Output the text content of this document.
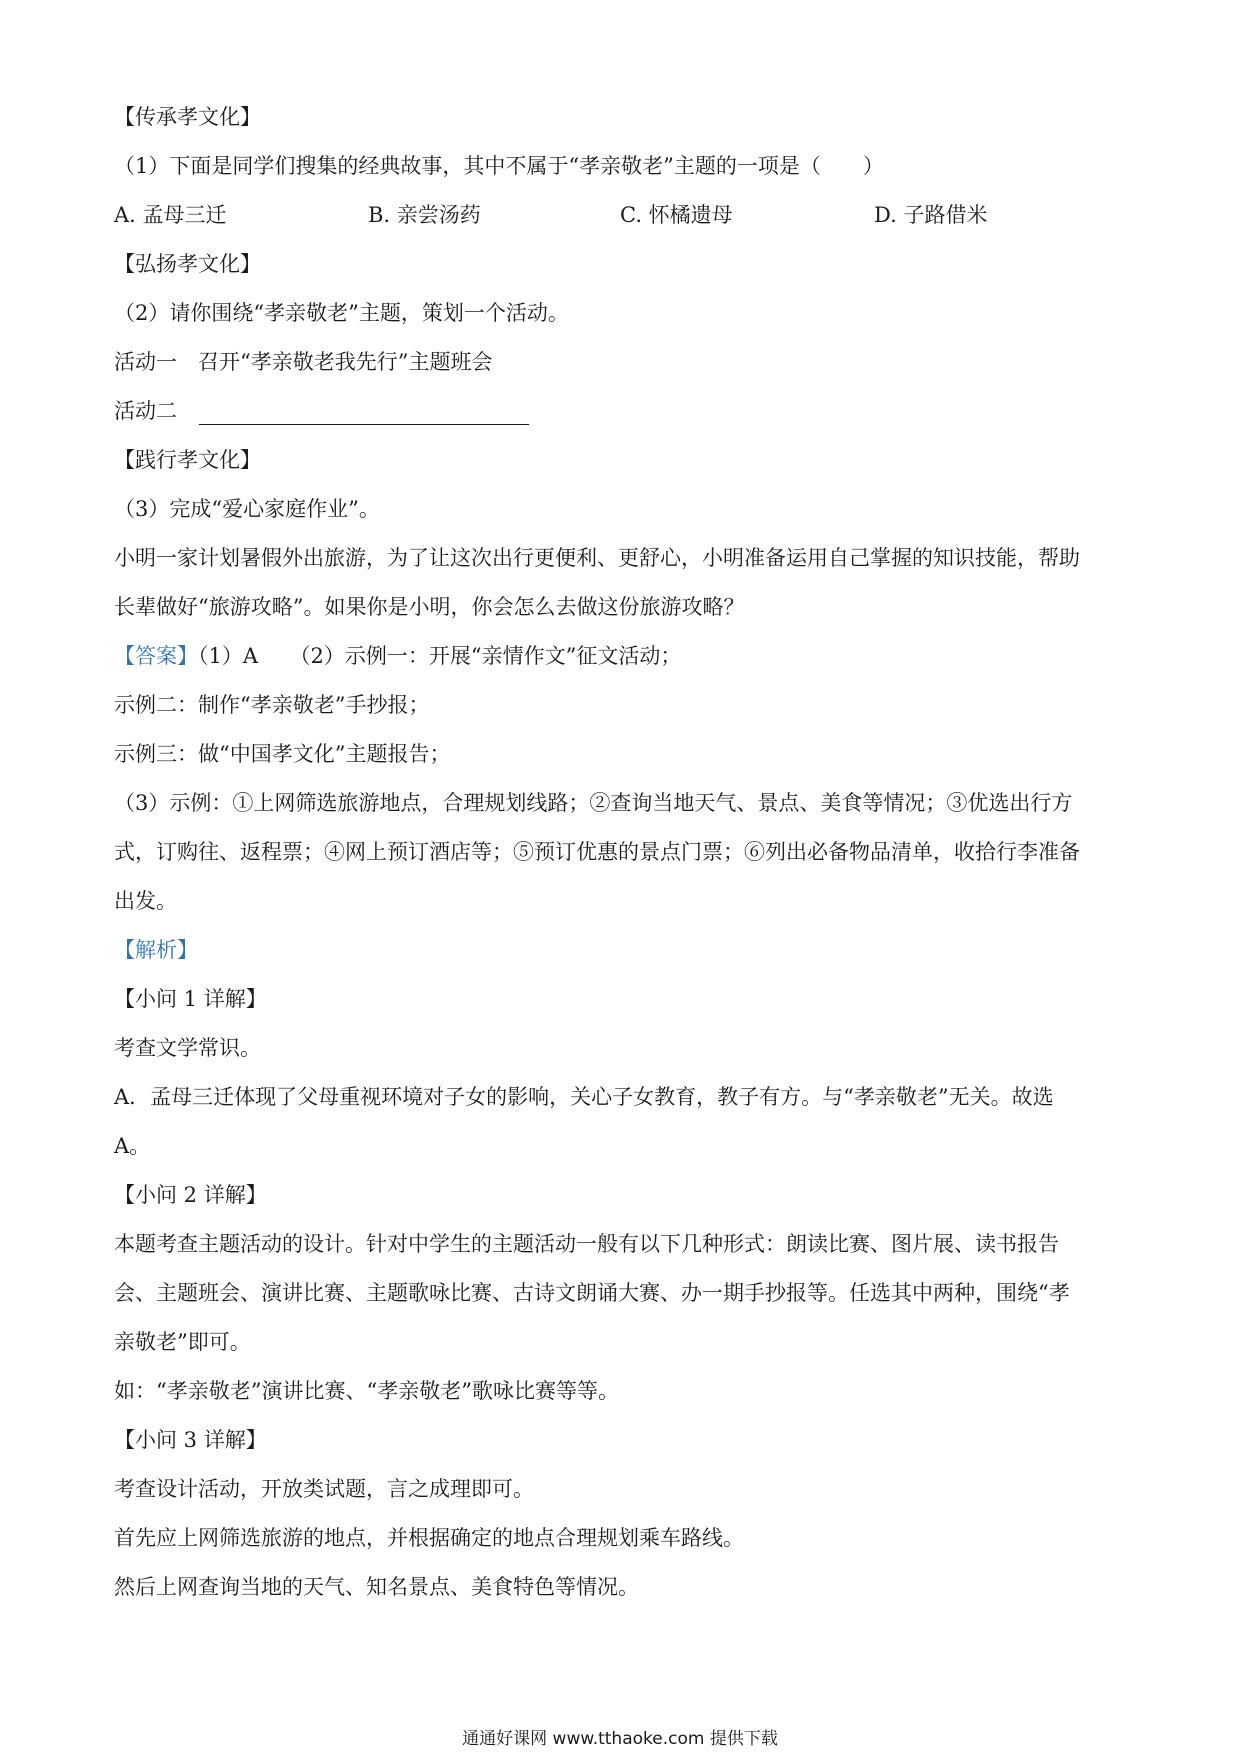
【传承孝文化】
（1）下面是同学们搜集的经典故事，其中不属于“孝亲敬老”主题的一项是（　　）
A. 孟母三迁	B. 亲尝汤药	C. 怀橘遗母	D. 子路借米
【弘扬孝文化】
（2）请你围绕“孝亲敬老”主题，策划一个活动。
活动一　召开“孝亲敬老我先行”主题班会
活动二
【践行孝文化】
（3）完成“爱心家庭作业”。
小明一家计划暑假外出旅游，为了让这次出行更便利、更舒心，小明准备运用自己掌握的知识技能，帮助
长辈做好“旅游攻略”。如果你是小明，你会怎么去做这份旅游攻略？
【答案】（1）A　　（2）示例一：开展“亲情作文”征文活动；
示例二：制作“孝亲敬老”手抄报；
示例三：做“中国孝文化”主题报告；
（3）示例：①上网筛选旅游地点，合理规划线路；②查询当地天气、景点、美食等情况；③优选出行方
式，订购往、返程票；④网上预订酒店等；⑤预订优惠的景点门票；⑥列出必备物品清单，收拾行李准备
出发。
【解析】
【小问 1 详解】
考查文学常识。
A．孟母三迁体现了父母重视环境对子女的影响，关心子女教育，教子有方。与“孝亲敬老”无关。故选
A。
【小问 2 详解】
本题考查主题活动的设计。针对中学生的主题活动一般有以下几种形式：朗读比赛、图片展、读书报告
会、主题班会、演讲比赛、主题歌咏比赛、古诗文朗诵大赛、办一期手抄报等。任选其中两种，围绕“孝
亲敬老”即可。
如：“孝亲敬老”演讲比赛、“孝亲敬老”歌咏比赛等等。
【小问 3 详解】
考查设计活动，开放类试题，言之成理即可。
首先应上网筛选旅游的地点，并根据确定的地点合理规划乘车路线。
然后上网查询当地的天气、知名景点、美食特色等情况。
通通好课网 www.tthaoke.com 提供下载
